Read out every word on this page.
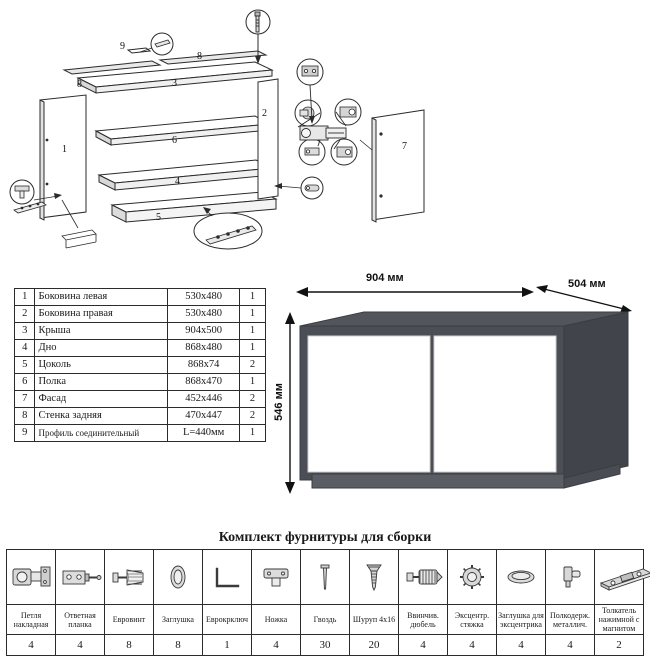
1
2
3
4
5
6
7
8
8
9
1	Боковина левая	530х480	1
2	Боковина правая	530х480	1
3	Крыша	904х500	1
4	Дно	868х480	1
5	Цоколь	868х74	2
6	Полка	868х470	1
7	Фасад	452х446	2
8	Стенка задняя	470х447	2
9	Профиль соединительный	L=440мм	1
904 мм	504 мм
546 мм
Комплект фурнитуры для сборки

Петля накладная	Ответная планка	Евровинт	Заглушка	Еврокрключ	Ножка	Гвоздь	Шуруп 4х16	Ввинчив. дюбель	Эксцентр. стяжка	Заглушка для эксцентрика	Полкодерж. металлич.	Толкатель нажимной с магнитом
4	4	8	8	1	4	30	20	4	4	4	4	2
